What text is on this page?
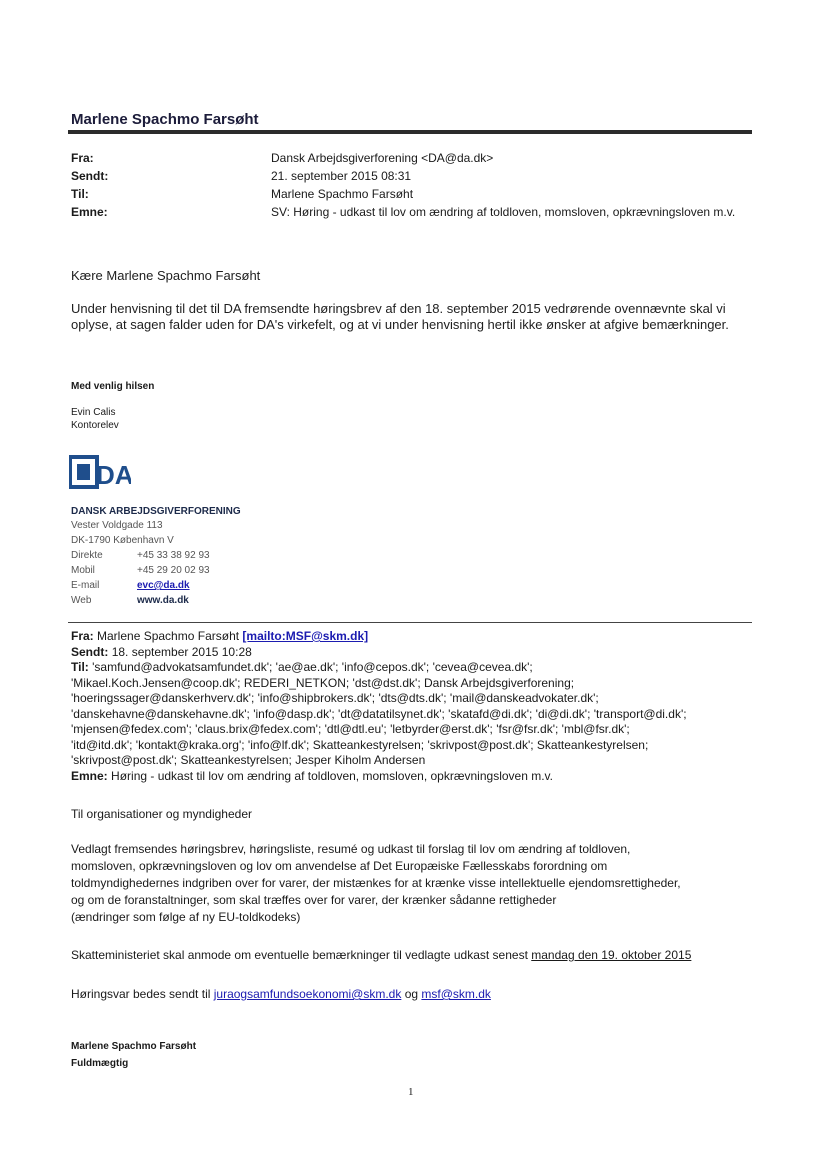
Marlene Spachmo Farsøht
Fra:	Dansk Arbejdsgiverforening <DA@da.dk>
Sendt:	21. september 2015 08:31
Til:	Marlene Spachmo Farsøht
Emne:	SV: Høring - udkast til lov om ændring af toldloven, momsloven, opkrævningsloven m.v.
Kære Marlene Spachmo Farsøht
Under henvisning til det til DA fremsendte høringsbrev af den 18. september 2015 vedrørende ovennævnte skal vi oplyse, at sagen falder uden for DA's virkefelt, og at vi under henvisning hertil ikke ønsker at afgive bemærkninger.
Med venlig hilsen
Evin Calis
Kontorelev
DA
DANSK ARBEJDSGIVERFORENING
Vester Voldgade 113
DK-1790 København V
Direkte	+45 33 38 92 93
Mobil	+45 29 20 02 93
E-mail	evc@da.dk
Web	www.da.dk
Fra: Marlene Spachmo Farsøht [mailto:MSF@skm.dk]
Sendt: 18. september 2015 10:28
Til: 'samfund@advokatsamfundet.dk'; 'ae@ae.dk'; 'info@cepos.dk'; 'cevea@cevea.dk';
'Mikael.Koch.Jensen@coop.dk'; REDERI_NETKON; 'dst@dst.dk'; Dansk Arbejdsgiverforening;
'hoeringssager@danskerhverv.dk'; 'info@shipbrokers.dk'; 'dts@dts.dk'; 'mail@danskeadvokater.dk';
'danskehavne@danskehavne.dk'; 'info@dasp.dk'; 'dt@datatilsynet.dk'; 'skatafd@di.dk'; 'di@di.dk'; 'transport@di.dk';
'mjensen@fedex.com'; 'claus.brix@fedex.com'; 'dtl@dtl.eu'; 'letbyrder@erst.dk'; 'fsr@fsr.dk'; 'mbl@fsr.dk';
'itd@itd.dk'; 'kontakt@kraka.org'; 'info@lf.dk'; Skatteankestyrelsen; 'skrivpost@post.dk'; Skatteankestyrelsen;
'skrivpost@post.dk'; Skatteankestyrelsen; Jesper Kiholm Andersen
Emne: Høring - udkast til lov om ændring af toldloven, momsloven, opkrævningsloven m.v.
Til organisationer og myndigheder
Vedlagt fremsendes høringsbrev, høringsliste, resumé og udkast til forslag til lov om ændring af toldloven,
momsloven, opkrævningsloven og lov om anvendelse af Det Europæiske Fællesskabs forordning om
toldmyndighedernes indgriben over for varer, der mistænkes for at krænke visse intellektuelle ejendomsrettigheder,
og om de foranstaltninger, som skal træffes over for varer, der krænker sådanne rettigheder
(ændringer som følge af ny EU-toldkodeks)
Skatteministeriet skal anmode om eventuelle bemærkninger til vedlagte udkast senest mandag den 19. oktober 2015
Høringsvar bedes sendt til juraogsamfundsoekonomi@skm.dk og msf@skm.dk
Marlene Spachmo Farsøht
Fuldmægtig
1
